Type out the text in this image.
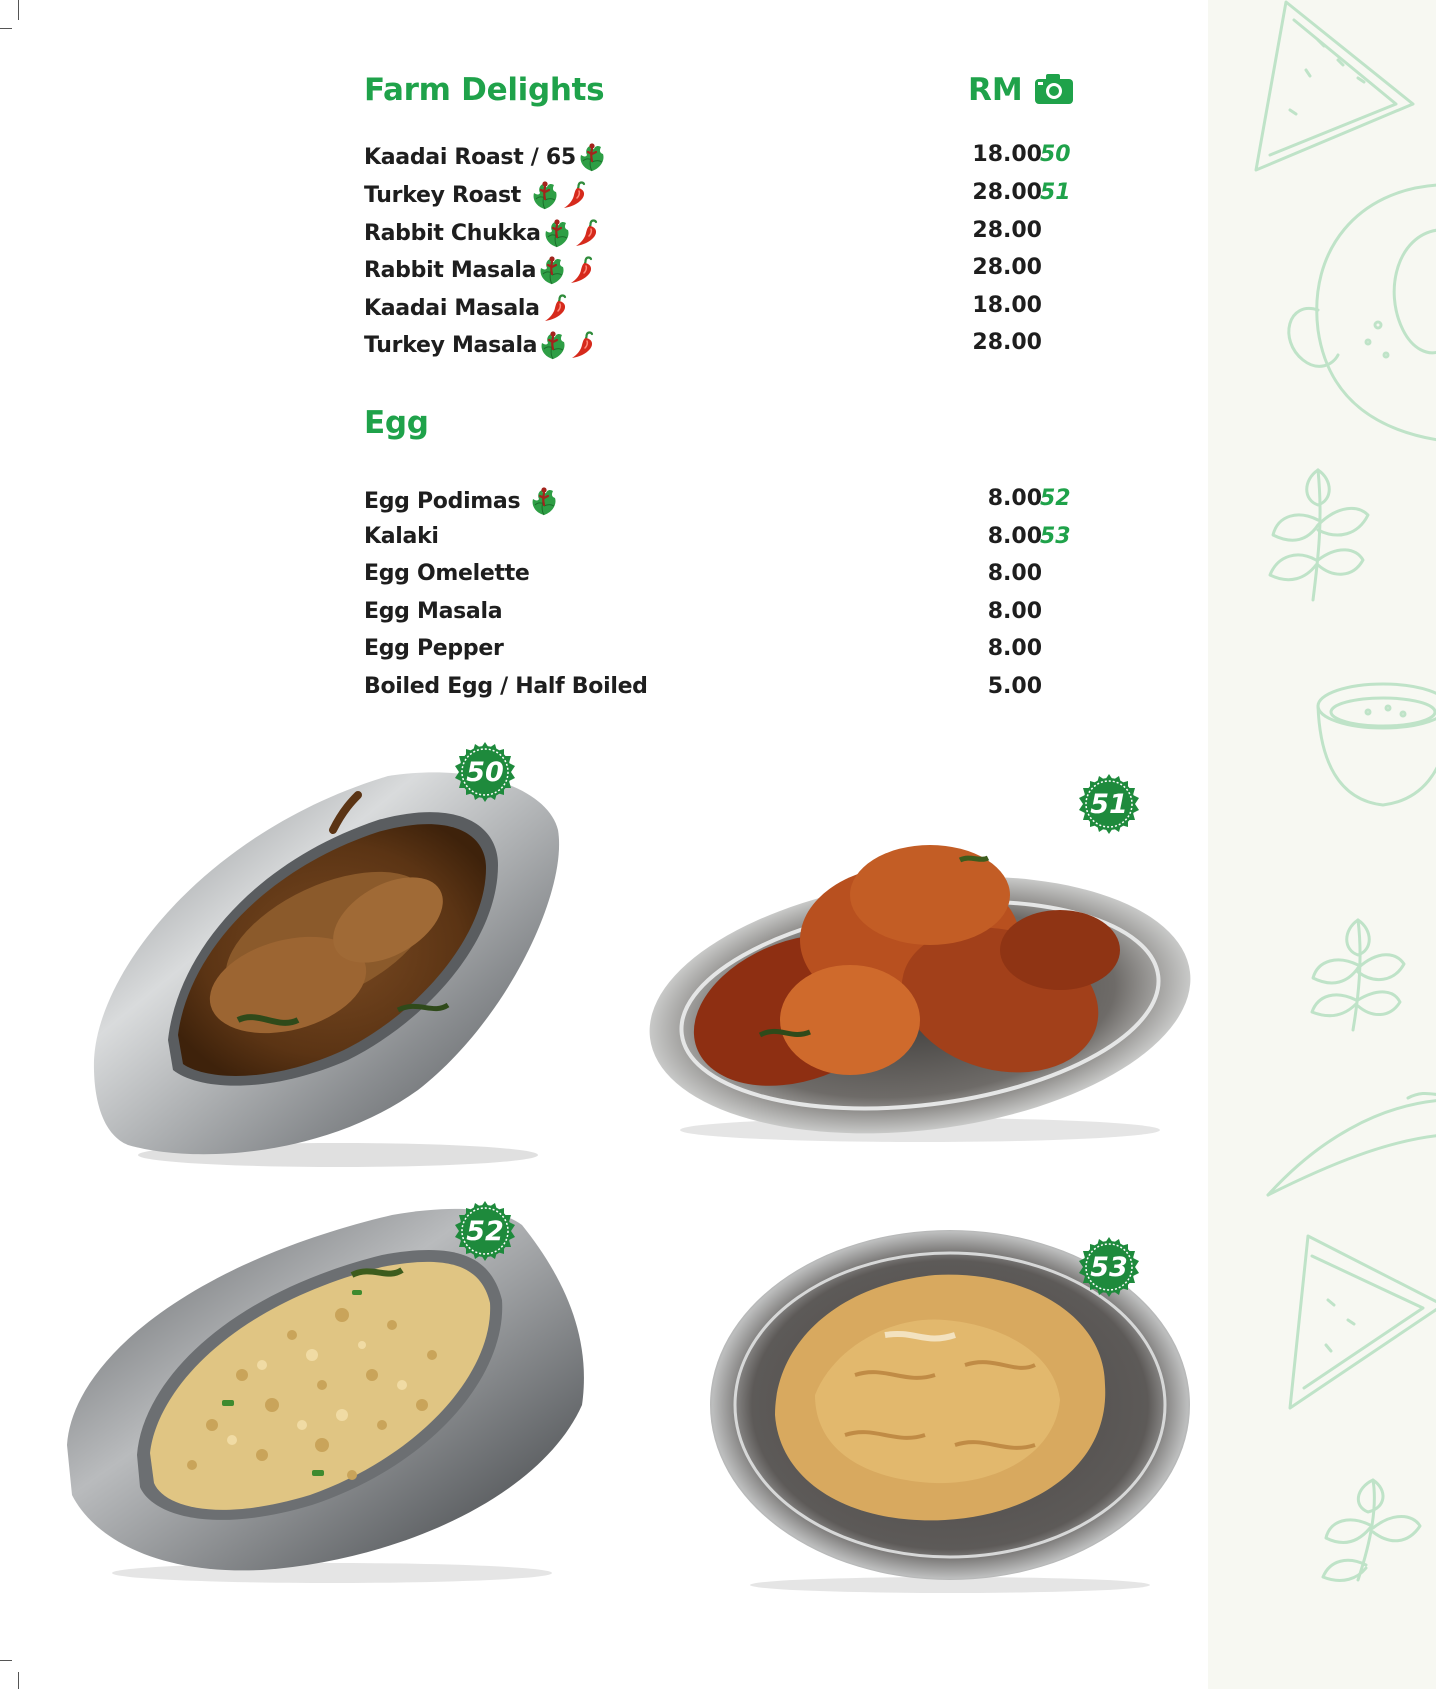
Farm Delights	RM
Kaadai Roast / 65	18.00
50
Turkey Roast	28.00
51
Rabbit Chukka	28.00
Rabbit Masala	28.00
Kaadai Masala	18.00
Turkey Masala	28.00
Egg
Egg Podimas	8.00
52
Kalaki	8.00
53
Egg Omelette	8.00
Egg Masala	8.00
Egg Pepper	8.00
Boiled Egg / Half Boiled	5.00
50
51
52
53
